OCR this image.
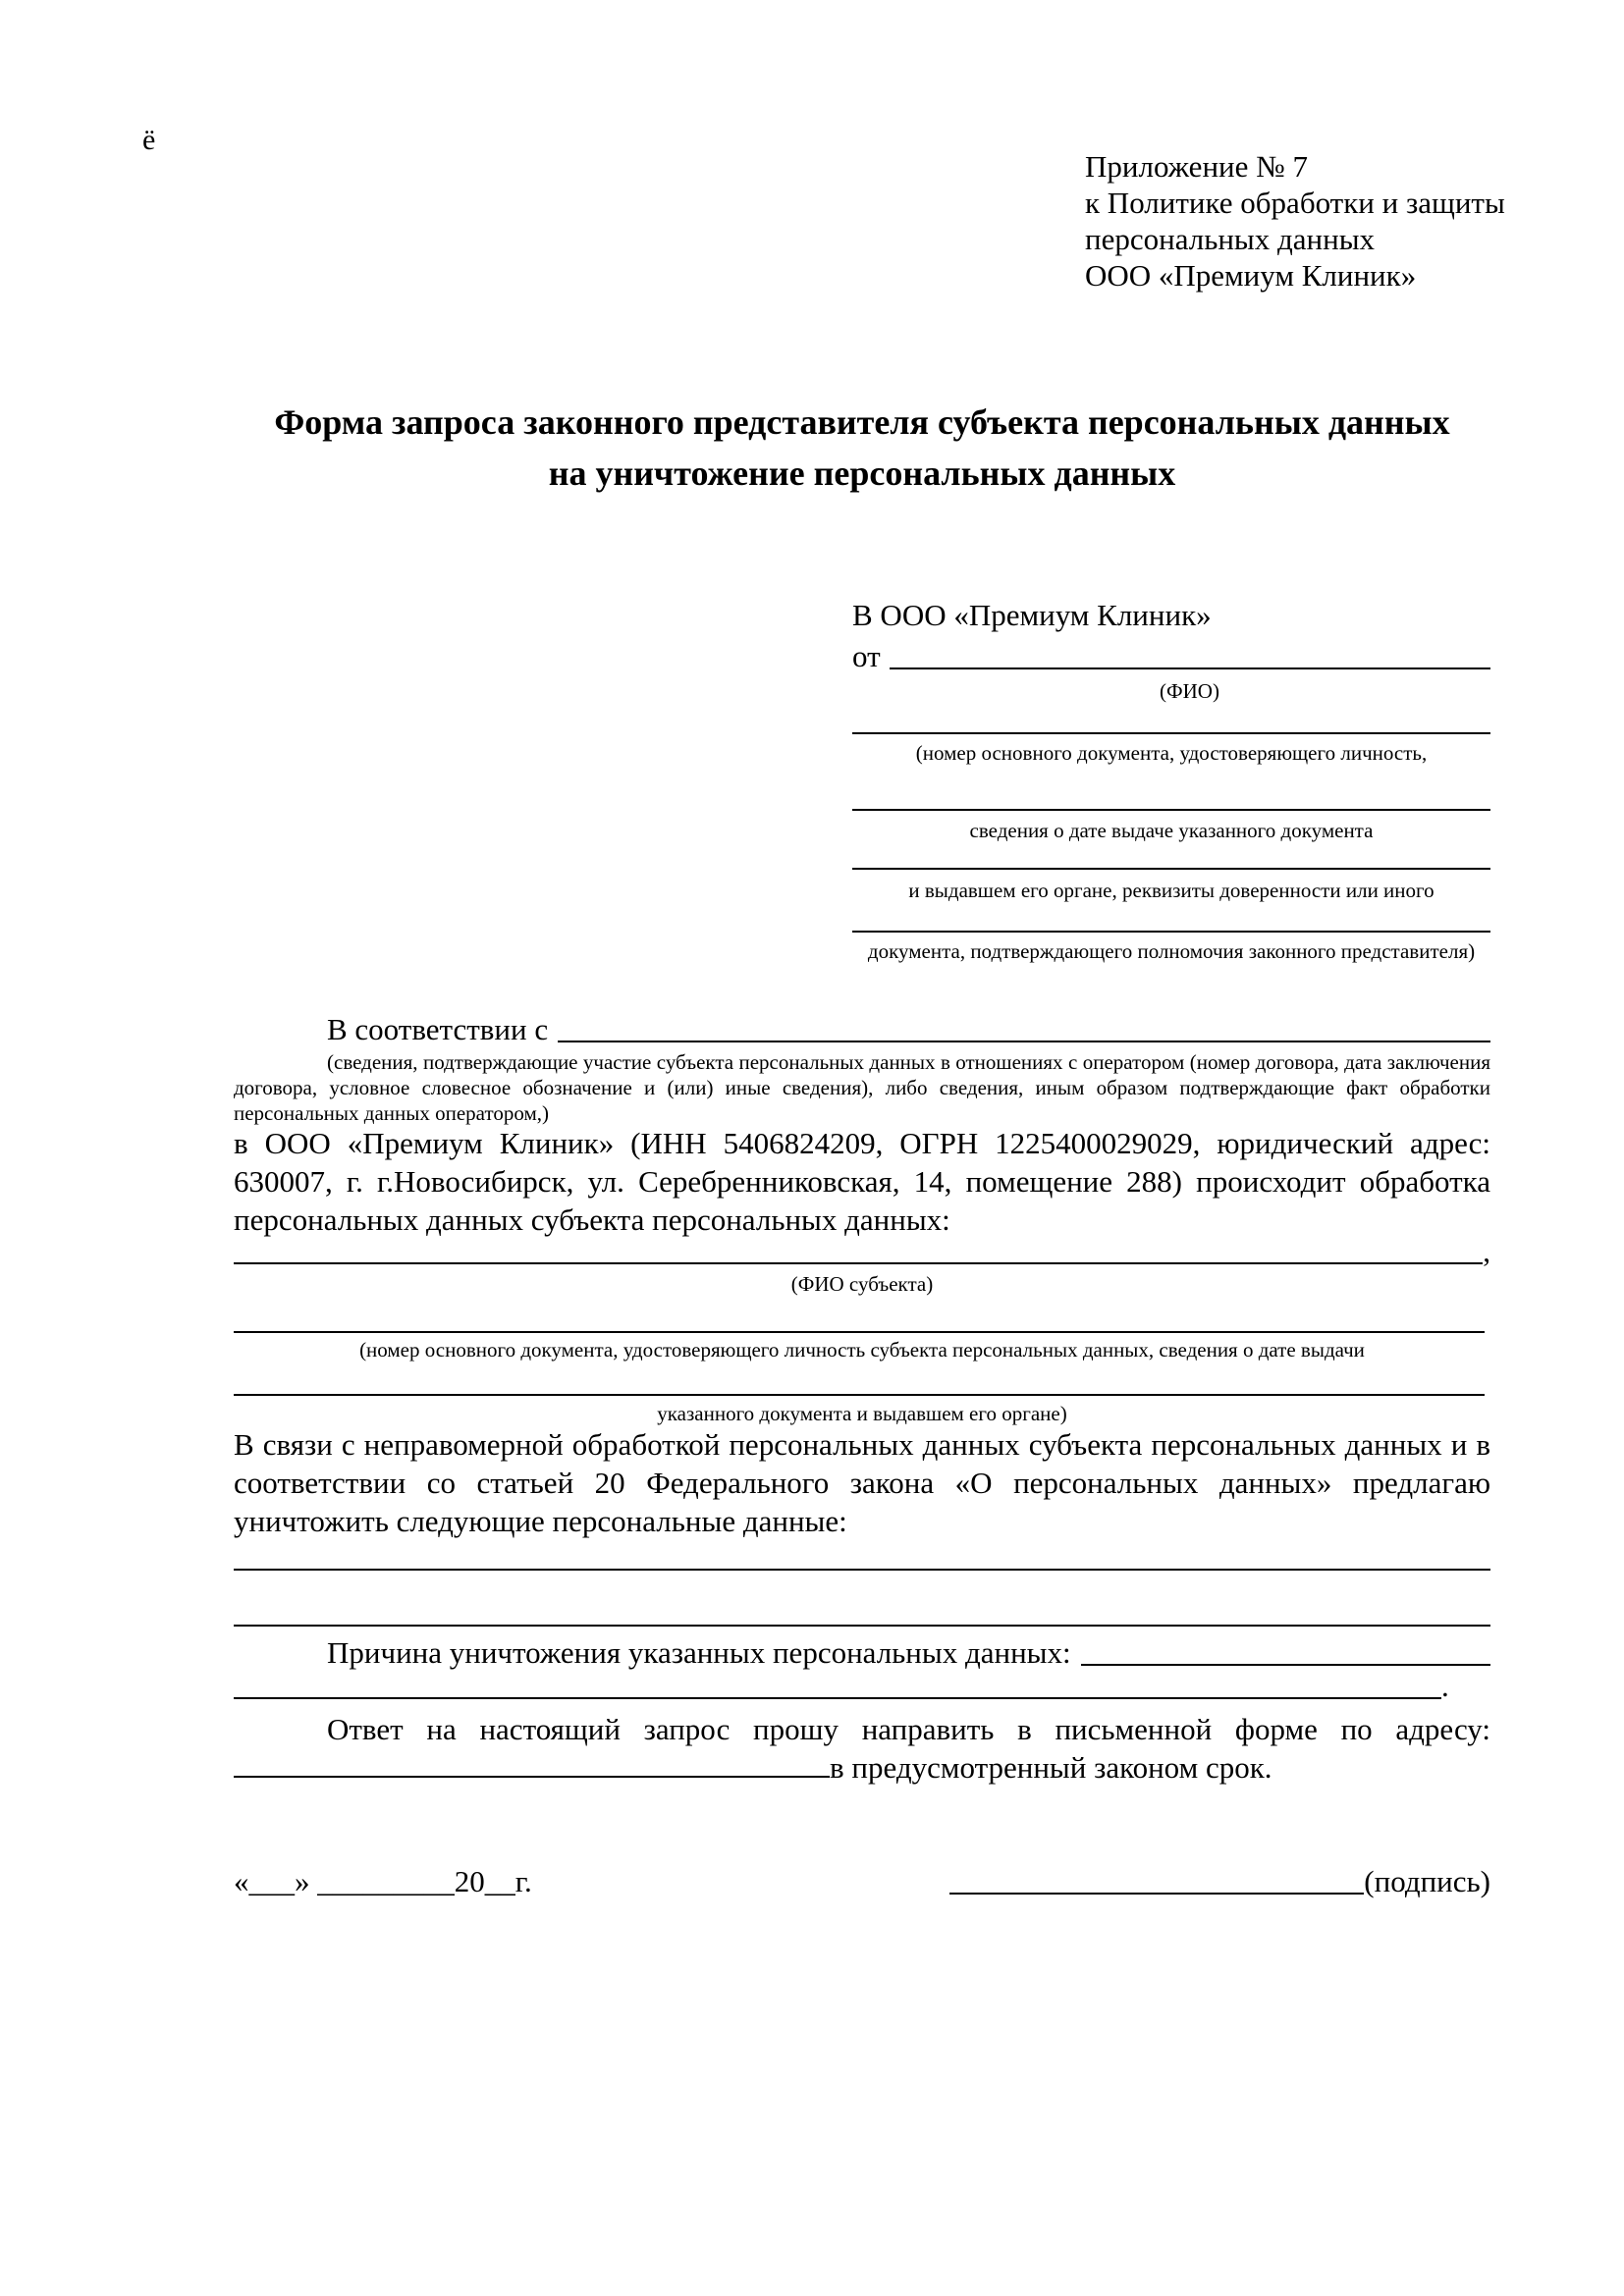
ё
Приложение № 7
к Политике обработки и защиты
персональных данных
ООО «Премиум Клиник»
Форма запроса законного представителя субъекта персональных данных
на уничтожение персональных данных
В ООО «Премиум Клиник»
от
(ФИО)
(номер основного документа, удостоверяющего личность,
сведения о дате выдаче указанного документа
и выдавшем его органе, реквизиты доверенности или иного
документа, подтверждающего полномочия законного представителя)
В соответствии с
(сведения, подтверждающие участие субъекта персональных данных в отношениях с оператором (номер договора, дата заключения договора, условное словесное обозначение и (или) иные сведения), либо сведения, иным образом подтверждающие факт обработки персональных данных оператором,)
в ООО «Премиум Клиник» (ИНН 5406824209, ОГРН 1225400029029, юридический адрес: 630007, г. г.Новосибирск, ул. Серебренниковская, 14, помещение 288) происходит обработка персональных данных субъекта персональных данных:
,
(ФИО субъекта)
(номер основного документа, удостоверяющего личность субъекта персональных данных, сведения о дате выдачи
указанного документа и выдавшем его органе)
В связи с неправомерной обработкой персональных данных субъекта персональных данных и в соответствии со статьей 20 Федерального закона «О персональных данных» предлагаю уничтожить следующие персональные данные:
Причина уничтожения указанных персональных данных:
.
Ответ на настоящий запрос прошу направить в письменной форме по адресу: в предусмотренный законом срок.
«___» _________20__г.	(подпись)
